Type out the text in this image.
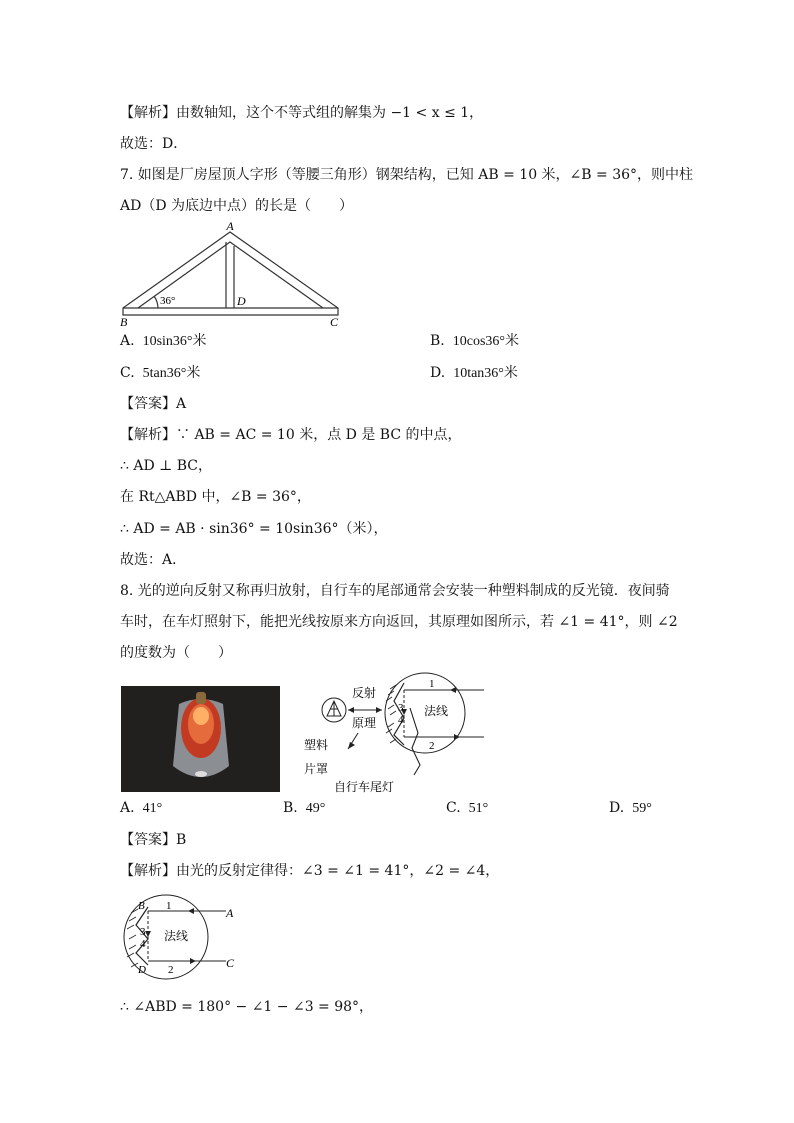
【解析】由数轴知，这个不等式组的解集为 −1 < x ≤ 1，
故选：D．
7. 如图是厂房屋顶人字形（等腰三角形）钢架结构，已知 AB = 10 米，∠B = 36°，则中柱
AD（D 为底边中点）的长是（　　）
A
B	C
D
36°
A. 10sin36°米	B. 10cos36°米
C. 5tan36°米	D. 10tan36°米
【答案】A
【解析】∵ AB = AC = 10 米，点 D 是 BC 的中点，
∴ AD ⊥ BC，
在 Rt△ABD 中，∠B = 36°，
∴ AD = AB · sin36° = 10sin36°（米），
故选：A．
8. 光的逆向反射又称再归放射，自行车的尾部通常会安装一种塑料制成的反光镜．夜间骑
车时，在车灯照射下，能把光线按原来方向返回，其原理如图所示，若 ∠1 = 41°，则 ∠2
的度数为（　　）
反射
原理
法线
塑料
片罩
自行车尾灯
1
2
3
4
A. 41°	B. 49°	C. 51°	D. 59°
【答案】B
【解析】由光的反射定律得：∠3 = ∠1 = 41°，∠2 = ∠4，
B	A
C
D
法线
1
2
3
4
∴ ∠ABD = 180° − ∠1 − ∠3 = 98°，
